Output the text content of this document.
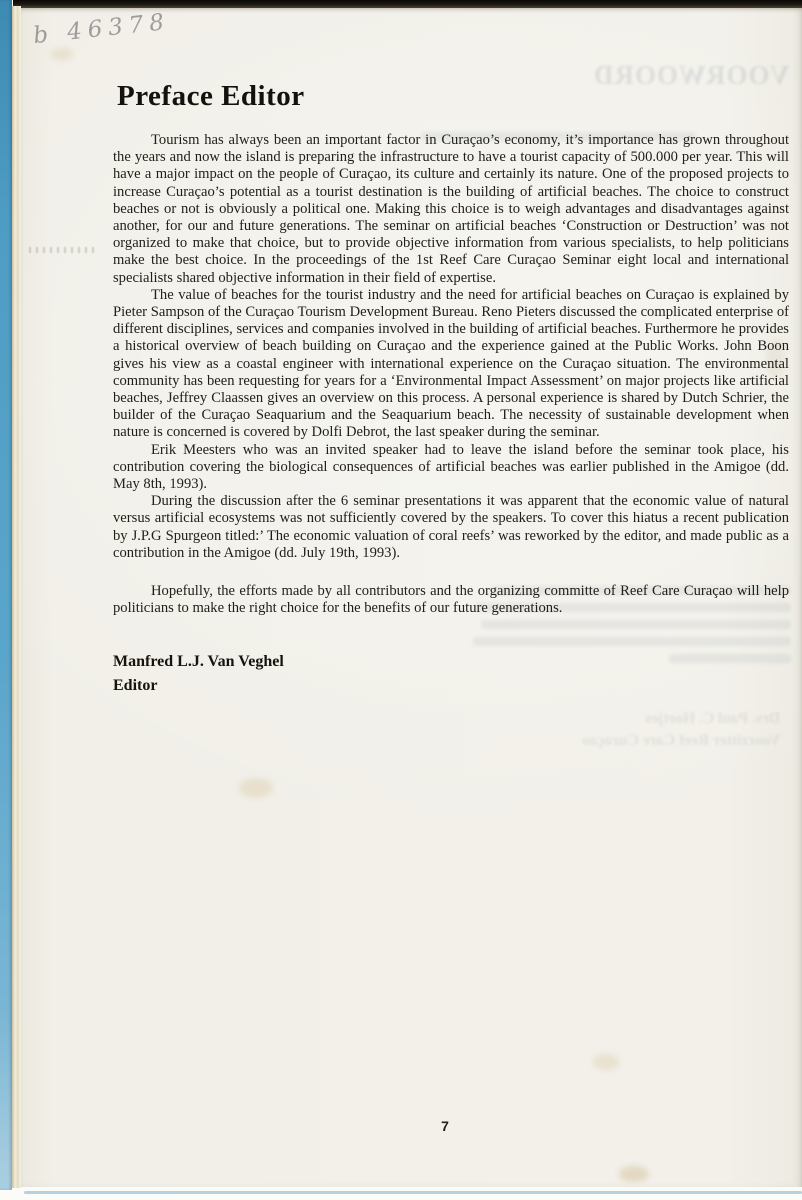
VOORWOORD
Drs. Paul C. Hoetjes
Voorzitter Reef Care Curaçao
b 46378
Preface Editor

Tourism has always been an important factor in Curaçao’s economy, it’s importance has grown throughout the years and now the island is preparing the infrastructure to have a tourist capacity of 500.000 per year. This will have a major impact on the people of Curaçao, its culture and certainly its nature. One of the proposed projects to increase Curaçao’s potential as a tourist destination is the building of artificial beaches. The choice to construct beaches or not is obviously a political one. Making this choice is to weigh advantages and disadvantages against another, for our and future generations. The seminar on artificial beaches ‘Construction or Destruction’ was not organized to make that choice, but to provide objective information from various specialists, to help politicians make the best choice. In the proceedings of the 1st Reef Care Curaçao Seminar eight local and international specialists shared objective information in their field of expertise.

The value of beaches for the tourist industry and the need for artificial beaches on Curaçao is explained by Pieter Sampson of the Curaçao Tourism Development Bureau. Reno Pieters discussed the complicated enterprise of different disciplines, services and companies involved in the building of artificial beaches. Furthermore he provides a historical overview of beach building on Curaçao and the experience gained at the Public Works. John Boon gives his view as a coastal engineer with international experience on the Curaçao situation. The environmental community has been requesting for years for a ‘Environmental Impact Assessment’ on major projects like artificial beaches, Jeffrey Claassen gives an overview on this process. A personal experience is shared by Dutch Schrier, the builder of the Curaçao Seaquarium and the Seaquarium beach. The necessity of sustainable development when nature is concerned is covered by Dolfi Debrot, the last speaker during the seminar.

Erik Meesters who was an invited speaker had to leave the island before the seminar took place, his contribution covering the biological consequences of artificial beaches was earlier published in the Amigoe (dd. May 8th, 1993).

During the discussion after the 6 seminar presentations it was apparent that the economic value of natural versus artificial ecosystems was not sufficiently covered by the speakers. To cover this hiatus a recent publication by J.P.G Spurgeon titled:’ The economic valuation of coral reefs’ was reworked by the editor, and made public as a contribution in the Amigoe (dd. July 19th, 1993).

Hopefully, the efforts made by all contributors and the organizing committe of Reef Care Curaçao will help politicians to make the right choice for the benefits of our future generations.

Manfred L.J. Van Veghel
Editor
7
